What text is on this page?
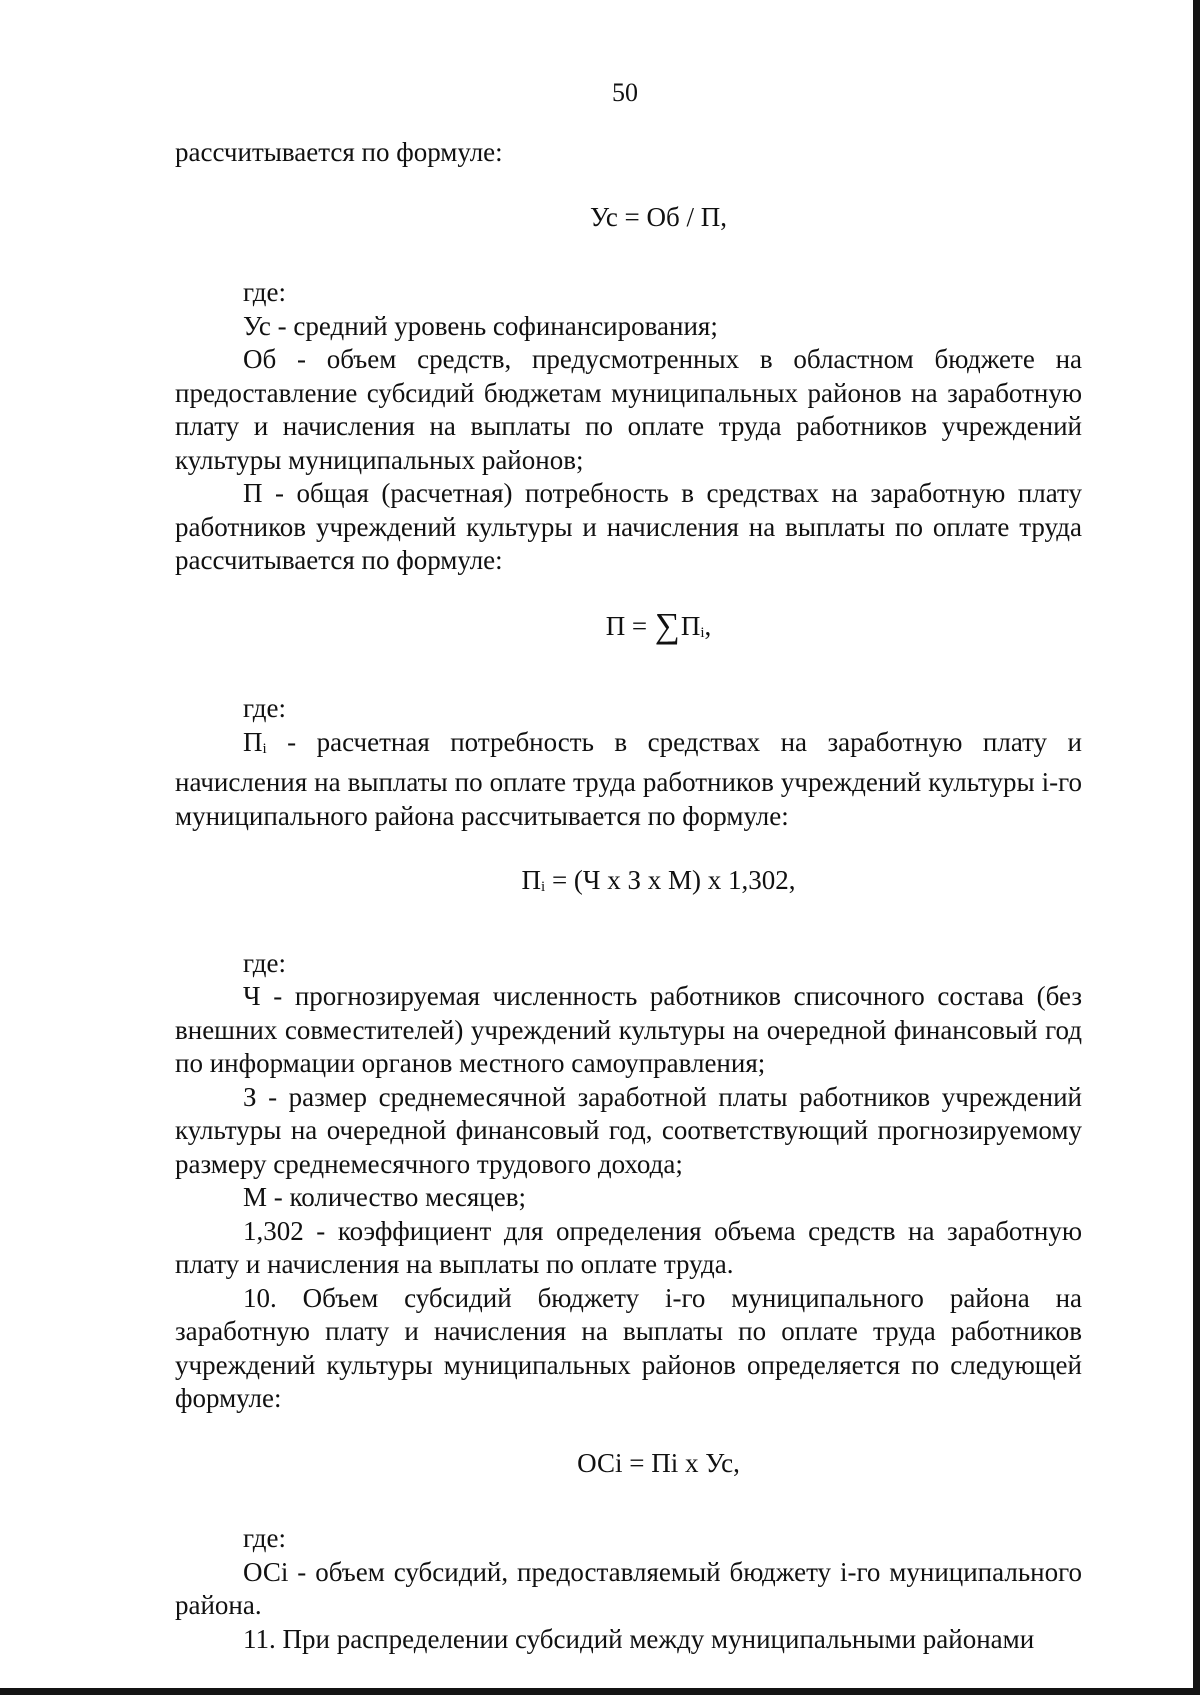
50

рассчитывается по формуле:

Ус = Об / П,

где:

Ус - средний уровень софинансирования;

Об - объем средств, предусмотренных в областном бюджете на предоставление субсидий бюджетам муниципальных районов на заработную плату и начисления на выплаты по оплате труда работников учреждений культуры муниципальных районов;

П - общая (расчетная) потребность в средствах на заработную плату работников учреждений культуры и начисления на выплаты по оплате труда рассчитывается по формуле:

$П = \sum П_i$,

где:

$П_i$ - расчетная потребность в средствах на заработную плату и начисления на выплаты по оплате труда работников учреждений культуры i-го муниципального района рассчитывается по формуле:

$П_i = (Ч$ x З x М) x 1,302,

где:

Ч - прогнозируемая численность работников списочного состава (без внешних совместителей) учреждений культуры на очередной финансовый год по информации органов местного самоуправления;

З - размер среднемесячной заработной платы работников учреждений культуры на очередной финансовый год, соответствующий прогнозируемому размеру среднемесячного трудового дохода;

М - количество месяцев;

1,302 - коэффициент для определения объема средств на заработную плату и начисления на выплаты по оплате труда.

10. Объем субсидий бюджету i-го муниципального района на заработную плату и начисления на выплаты по оплате труда работников учреждений культуры муниципальных районов определяется по следующей формуле:

ОСi = Пi x Ус,

где:

ОСi - объем субсидий, предоставляемый бюджету i-го муниципального района.

11. При распределении субсидий между муниципальными районами
